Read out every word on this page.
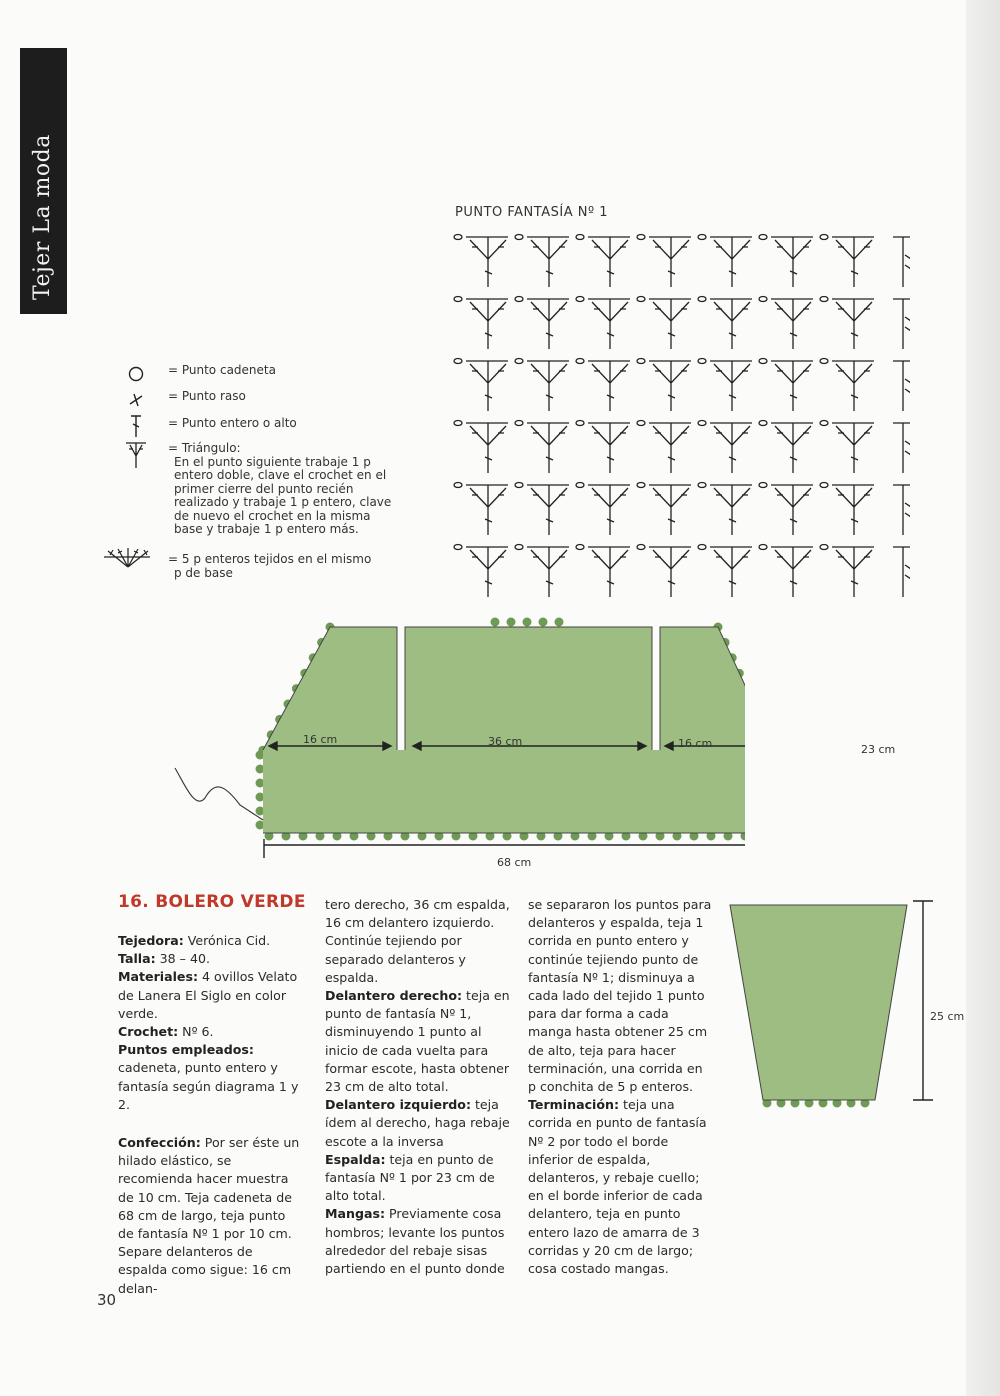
Tejer La moda	PUNTO FANTASÍA Nº 1
= Punto cadeneta
= Punto raso
= Punto entero o alto
= Triángulo:
En el punto siguiente trabaje 1 p
entero doble, clave el crochet en el
primer cierre del punto recién
realizado y trabaje 1 p entero, clave
de nuevo el crochet en la misma
base y trabaje 1 p entero más.
= 5 p enteros tejidos en el mismo
p de base
16 cm	36 cm	16 cm	23 cm
68 cm
25 cm
16. BOLERO VERDE

Tejedora: Verónica Cid.

Talla: 38 – 40.

Materiales: 4 ovillos Velato de Lanera El Siglo en color verde.

Crochet: Nº 6.

Puntos empleados: cadeneta, punto entero y fantasía según diagrama 1 y 2.

Confección: Por ser éste un hilado elástico, se recomienda hacer muestra de 10 cm. Teja cadeneta de 68 cm de largo, teja punto de fantasía Nº 1 por 10 cm.

Separe delanteros de espalda como sigue: 16 cm delan-

tero derecho, 36 cm espalda, 16 cm delantero izquierdo. Continúe tejiendo por separado delanteros y espalda.

Delantero derecho: teja en punto de fantasía Nº 1, disminuyendo 1 punto al inicio de cada vuelta para formar escote, hasta obtener 23 cm de alto total.

Delantero izquierdo: teja ídem al derecho, haga rebaje escote a la inversa

Espalda: teja en punto de fantasía Nº 1 por 23 cm de alto total.

Mangas: Previamente cosa hombros; levante los puntos alrededor del rebaje sisas partiendo en el punto donde

se separaron los puntos para delanteros y espalda, teja 1 corrida en punto entero y continúe tejiendo punto de fantasía Nº 1; disminuya a cada lado del tejido 1 punto para dar forma a cada manga hasta obtener 25 cm de alto, teja para hacer terminación, una corrida en p conchita de 5 p enteros.

Terminación: teja una corrida en punto de fantasía Nº 2 por todo el borde inferior de espalda, delanteros, y rebaje cuello; en el borde inferior de cada delantero, teja en punto entero lazo de amarra de 3 corridas y 20 cm de largo; cosa costado mangas.

30
